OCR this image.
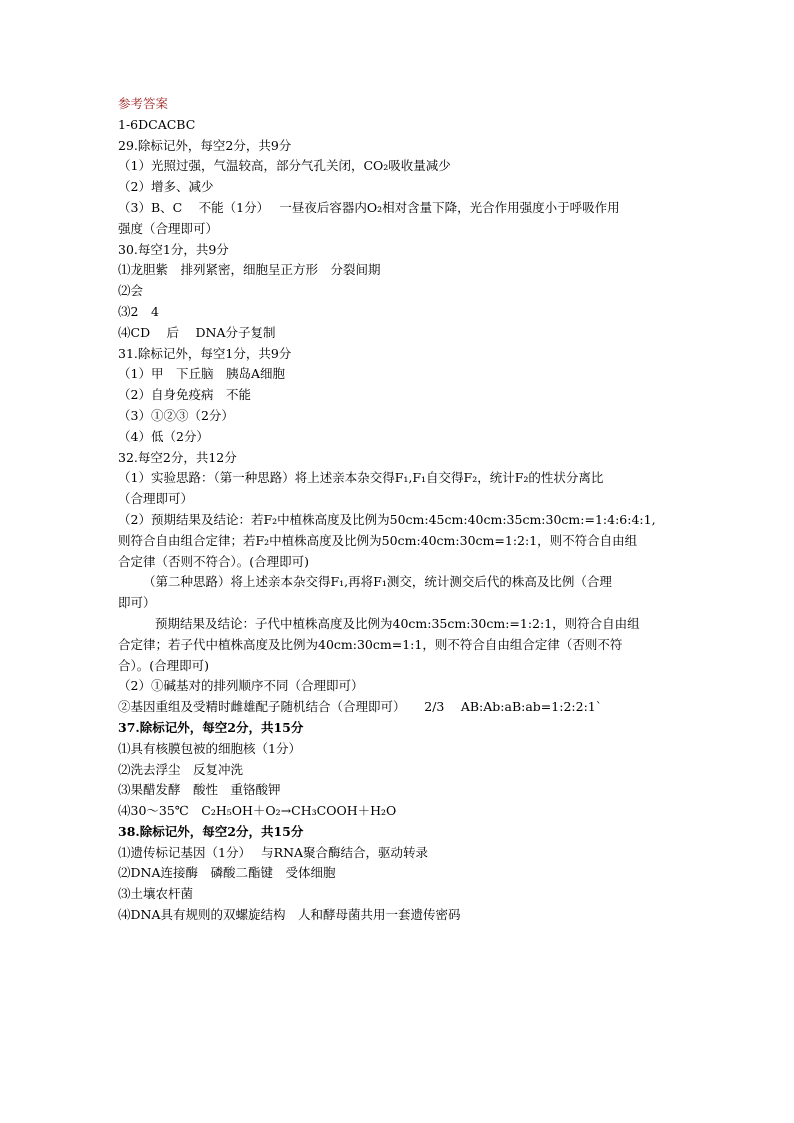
参考答案
1-6DCACBC
29.除标记外，每空2分，共9分
（1）光照过强，气温较高，部分气孔关闭，CO₂吸收量减少
（2）增多、减少
（3）B、C　 不能（1分）　 一昼夜后容器内O₂相对含量下降，光合作用强度小于呼吸作用
强度（合理即可）
30.每空1分，共9分
⑴龙胆紫　排列紧密，细胞呈正方形　分裂间期
⑵会
⑶2　4
⑷CD　 后　 DNA分子复制
31.除标记外，每空1分，共9分
（1）甲　下丘脑　胰岛A细胞
（2）自身免疫病　不能
（3）①②③（2分）
（4）低（2分）
32.每空2分，共12分
（1）实验思路：（第一种思路）将上述亲本杂交得F₁,F₁自交得F₂，统计F₂的性状分离比
（合理即可）
（2）预期结果及结论：若F₂中植株高度及比例为50cm:45cm:40cm:35cm:30cm:=1:4:6:4:1,
则符合自由组合定律；若F₂中植株高度及比例为50cm:40cm:30cm=1:2:1，则不符合自由组
合定律（否则不符合）。(合理即可)
（第二种思路）将上述亲本杂交得F₁,再将F₁测交，统计测交后代的株高及比例（合理
即可）
预期结果及结论：子代中植株高度及比例为40cm:35cm:30cm:=1:2:1，则符合自由组
合定律；若子代中植株高度及比例为40cm:30cm=1:1，则不符合自由组合定律（否则不符
合）。(合理即可)
（2）①碱基对的排列顺序不同（合理即可）
②基因重组及受精时雌雄配子随机结合（合理即可）　　2/3　 AB:Ab:aB:ab=1:2:2:1`
37.除标记外，每空2分，共15分
⑴具有核膜包被的细胞核（1分）
⑵洗去浮尘　反复冲洗
⑶果醋发酵　酸性　重铬酸钾
⑷30～35℃　C₂H₅OH＋O₂→CH₃COOH＋H₂O
38.除标记外，每空2分，共15分
⑴遗传标记基因（1分）　 与RNA聚合酶结合，驱动转录
⑵DNA连接酶　磷酸二酯键　受体细胞
⑶土壤农杆菌
⑷DNA具有规则的双螺旋结构　人和酵母菌共用一套遗传密码
